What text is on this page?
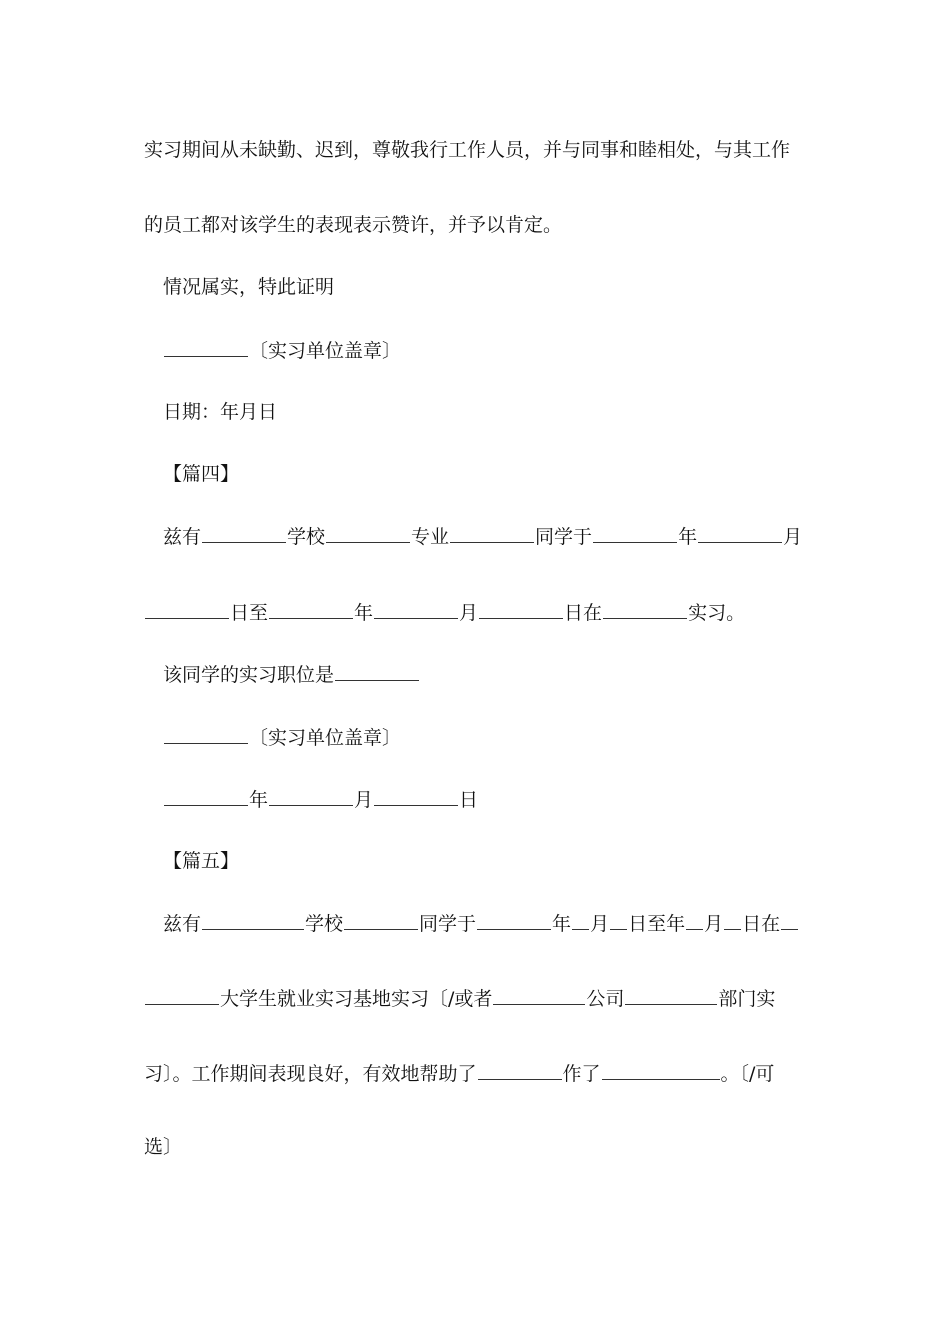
实习期间从未缺勤、迟到，尊敬我行工作人员，并与同事和睦相处，与其工作
的员工都对该学生的表现表示赞许，并予以肯定。
情况属实，特此证明
〔实习单位盖章〕
日期：年月日
【篇四】
兹有	学校	专业	同学于	年	月
日至	年	月	日在	实习。
该同学的实习职位是
〔实习单位盖章〕
年	月	日
【篇五】
兹有	学校	同学于	年 月 日至年 月 日在
大学生就业实习基地实习〔/或者	公司	部门实
习〕。工作期间表现良好，有效地帮助了	作了	。〔/可
选〕
